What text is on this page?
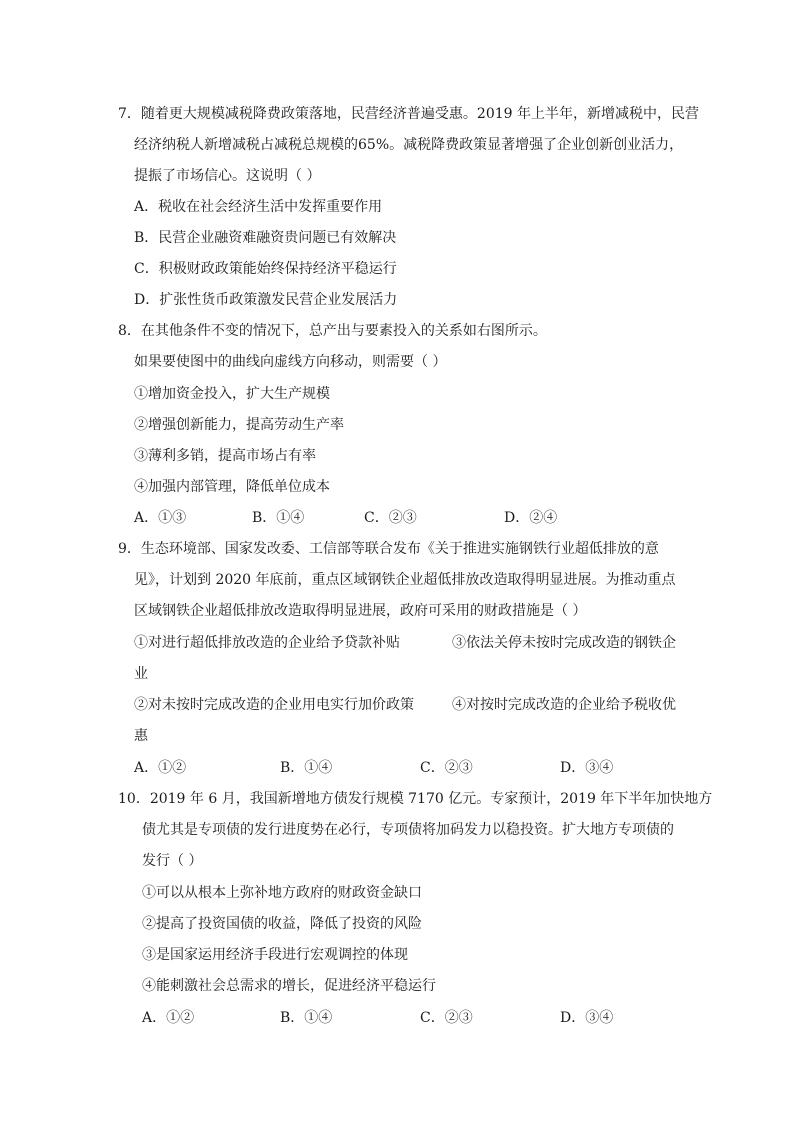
7．随着更大规模减税降费政策落地，民营经济普遍受惠。2019 年上半年，新增减税中，民营
经济纳税人新增减税占减税总规模的65%。减税降费政策显著增强了企业创新创业活力，
提振了市场信心。这说明（ ）
A．税收在社会经济生活中发挥重要作用
B．民营企业融资难融资贵问题已有效解决
C．积极财政政策能始终保持经济平稳运行
D．扩张性货币政策激发民营企业发展活力
8．在其他条件不变的情况下，总产出与要素投入的关系如右图所示。
如果要使图中的曲线向虚线方向移动，则需要（ ）
①增加资金投入，扩大生产规模
②增强创新能力，提高劳动生产率
③薄利多销，提高市场占有率
④加强内部管理，降低单位成本
A．①③	B．①④	C．②③	D．②④
9．生态环境部、国家发改委、工信部等联合发布《关于推进实施钢铁行业超低排放的意
见》，计划到 2020 年底前，重点区域钢铁企业超低排放改造取得明显进展。为推动重点
区域钢铁企业超低排放改造取得明显进展，政府可采用的财政措施是（ ）
①对进行超低排放改造的企业给予贷款补贴	③依法关停未按时完成改造的钢铁企
业
②对未按时完成改造的企业用电实行加价政策	④对按时完成改造的企业给予税收优
惠
A．①②	B．①④	C．②③	D．③④
10．2019 年 6 月，我国新增地方债发行规模 7170 亿元。专家预计，2019 年下半年加快地方
债尤其是专项债的发行进度势在必行，专项债将加码发力以稳投资。扩大地方专项债的
发行（ ）
①可以从根本上弥补地方政府的财政资金缺口
②提高了投资国债的收益，降低了投资的风险
③是国家运用经济手段进行宏观调控的体现
④能刺激社会总需求的增长，促进经济平稳运行
A．①②	B．①④	C．②③	D．③④
